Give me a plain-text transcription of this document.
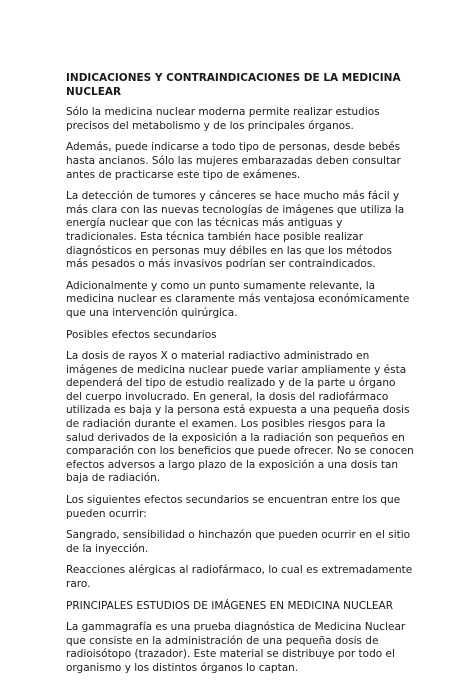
INDICACIONES Y CONTRAINDICACIONES DE LA MEDICINA NUCLEAR

Sólo la medicina nuclear moderna permite realizar estudios precisos del metabolismo y de los principales órganos.

Además, puede indicarse a todo tipo de personas, desde bebés hasta ancianos. Sólo las mujeres embarazadas deben consultar antes de practicarse este tipo de exámenes.

La detección de tumores y cánceres se hace mucho más fácil y más clara con las nuevas tecnologías de imágenes que utiliza la energía nuclear que con las técnicas más antiguas y tradicionales. Esta técnica también hace posible realizar diagnósticos en personas muy débiles en las que los métodos más pesados o más invasivos podrían ser contraindicados.

Adicionalmente y como un punto sumamente relevante, la medicina nuclear es claramente más ventajosa económicamente que una intervención quirúrgica.

Posibles efectos secundarios

La dosis de rayos X o material radiactivo administrado en imágenes de medicina nuclear puede variar ampliamente y ésta dependerá del tipo de estudio realizado y de la parte u órgano del cuerpo involucrado. En general, la dosis del radiofármaco utilizada es baja y la persona está expuesta a una pequeña dosis de radiación durante el examen. Los posibles riesgos para la salud derivados de la exposición a la radiación son pequeños en comparación con los beneficios que puede ofrecer. No se conocen efectos adversos a largo plazo de la exposición a una dosis tan baja de radiación.

Los siguientes efectos secundarios se encuentran entre los que pueden ocurrir:

Sangrado, sensibilidad o hinchazón que pueden ocurrir en el sitio de la inyección.

Reacciones alérgicas al radiofármaco, lo cual es extremadamente raro.

PRINCIPALES ESTUDIOS DE IMÁGENES EN MEDICINA NUCLEAR

La gammagrafía es una prueba diagnóstica de Medicina Nuclear que consiste en la administración de una pequeña dosis de radioisótopo (trazador). Este material se distribuye por todo el organismo y los distintos órganos lo captan.
